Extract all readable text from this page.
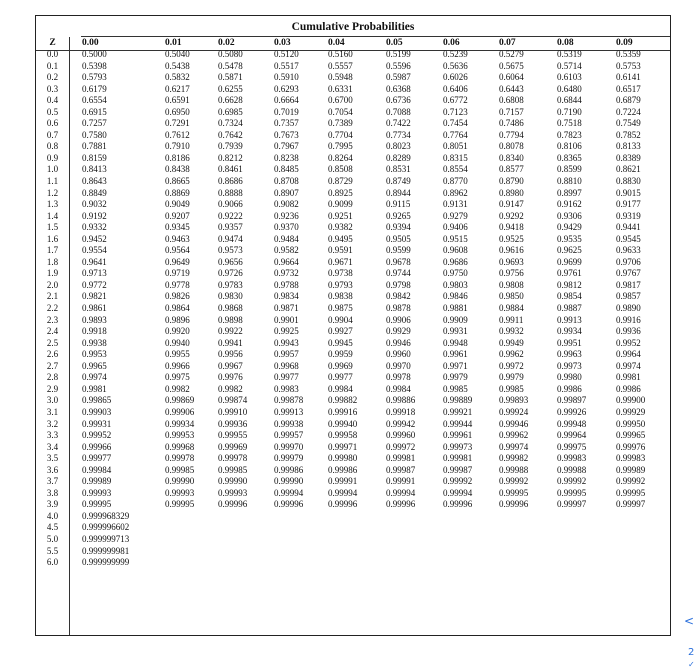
Cumulative Probabilities
Z	0.00	0.01	0.02	0.03	0.04	0.05	0.06	0.07	0.08	0.09
0.0	0.5000	0.5040	0.5080	0.5120	0.5160	0.5199	0.5239	0.5279	0.5319	0.5359
0.1	0.5398	0.5438	0.5478	0.5517	0.5557	0.5596	0.5636	0.5675	0.5714	0.5753
0.2	0.5793	0.5832	0.5871	0.5910	0.5948	0.5987	0.6026	0.6064	0.6103	0.6141
0.3	0.6179	0.6217	0.6255	0.6293	0.6331	0.6368	0.6406	0.6443	0.6480	0.6517
0.4	0.6554	0.6591	0.6628	0.6664	0.6700	0.6736	0.6772	0.6808	0.6844	0.6879
0.5	0.6915	0.6950	0.6985	0.7019	0.7054	0.7088	0.7123	0.7157	0.7190	0.7224
0.6	0.7257	0.7291	0.7324	0.7357	0.7389	0.7422	0.7454	0.7486	0.7518	0.7549
0.7	0.7580	0.7612	0.7642	0.7673	0.7704	0.7734	0.7764	0.7794	0.7823	0.7852
0.8	0.7881	0.7910	0.7939	0.7967	0.7995	0.8023	0.8051	0.8078	0.8106	0.8133
0.9	0.8159	0.8186	0.8212	0.8238	0.8264	0.8289	0.8315	0.8340	0.8365	0.8389
1.0	0.8413	0.8438	0.8461	0.8485	0.8508	0.8531	0.8554	0.8577	0.8599	0.8621
1.1	0.8643	0.8665	0.8686	0.8708	0.8729	0.8749	0.8770	0.8790	0.8810	0.8830
1.2	0.8849	0.8869	0.8888	0.8907	0.8925	0.8944	0.8962	0.8980	0.8997	0.9015
1.3	0.9032	0.9049	0.9066	0.9082	0.9099	0.9115	0.9131	0.9147	0.9162	0.9177
1.4	0.9192	0.9207	0.9222	0.9236	0.9251	0.9265	0.9279	0.9292	0.9306	0.9319
1.5	0.9332	0.9345	0.9357	0.9370	0.9382	0.9394	0.9406	0.9418	0.9429	0.9441
1.6	0.9452	0.9463	0.9474	0.9484	0.9495	0.9505	0.9515	0.9525	0.9535	0.9545
1.7	0.9554	0.9564	0.9573	0.9582	0.9591	0.9599	0.9608	0.9616	0.9625	0.9633
1.8	0.9641	0.9649	0.9656	0.9664	0.9671	0.9678	0.9686	0.9693	0.9699	0.9706
1.9	0.9713	0.9719	0.9726	0.9732	0.9738	0.9744	0.9750	0.9756	0.9761	0.9767
2.0	0.9772	0.9778	0.9783	0.9788	0.9793	0.9798	0.9803	0.9808	0.9812	0.9817
2.1	0.9821	0.9826	0.9830	0.9834	0.9838	0.9842	0.9846	0.9850	0.9854	0.9857
2.2	0.9861	0.9864	0.9868	0.9871	0.9875	0.9878	0.9881	0.9884	0.9887	0.9890
2.3	0.9893	0.9896	0.9898	0.9901	0.9904	0.9906	0.9909	0.9911	0.9913	0.9916
2.4	0.9918	0.9920	0.9922	0.9925	0.9927	0.9929	0.9931	0.9932	0.9934	0.9936
2.5	0.9938	0.9940	0.9941	0.9943	0.9945	0.9946	0.9948	0.9949	0.9951	0.9952
2.6	0.9953	0.9955	0.9956	0.9957	0.9959	0.9960	0.9961	0.9962	0.9963	0.9964
2.7	0.9965	0.9966	0.9967	0.9968	0.9969	0.9970	0.9971	0.9972	0.9973	0.9974
2.8	0.9974	0.9975	0.9976	0.9977	0.9977	0.9978	0.9979	0.9979	0.9980	0.9981
2.9	0.9981	0.9982	0.9982	0.9983	0.9984	0.9984	0.9985	0.9985	0.9986	0.9986
3.0	0.99865	0.99869	0.99874	0.99878	0.99882	0.99886	0.99889	0.99893	0.99897	0.99900
3.1	0.99903	0.99906	0.99910	0.99913	0.99916	0.99918	0.99921	0.99924	0.99926	0.99929
3.2	0.99931	0.99934	0.99936	0.99938	0.99940	0.99942	0.99944	0.99946	0.99948	0.99950
3.3	0.99952	0.99953	0.99955	0.99957	0.99958	0.99960	0.99961	0.99962	0.99964	0.99965
3.4	0.99966	0.99968	0.99969	0.99970	0.99971	0.99972	0.99973	0.99974	0.99975	0.99976
3.5	0.99977	0.99978	0.99978	0.99979	0.99980	0.99981	0.99981	0.99982	0.99983	0.99983
3.6	0.99984	0.99985	0.99985	0.99986	0.99986	0.99987	0.99987	0.99988	0.99988	0.99989
3.7	0.99989	0.99990	0.99990	0.99990	0.99991	0.99991	0.99992	0.99992	0.99992	0.99992
3.8	0.99993	0.99993	0.99993	0.99994	0.99994	0.99994	0.99994	0.99995	0.99995	0.99995
3.9	0.99995	0.99995	0.99996	0.99996	0.99996	0.99996	0.99996	0.99996	0.99997	0.99997
4.0	0.999968329
4.5	0.999996602
5.0	0.999999713
5.5	0.999999981
6.0	0.999999999
<
2
✓
